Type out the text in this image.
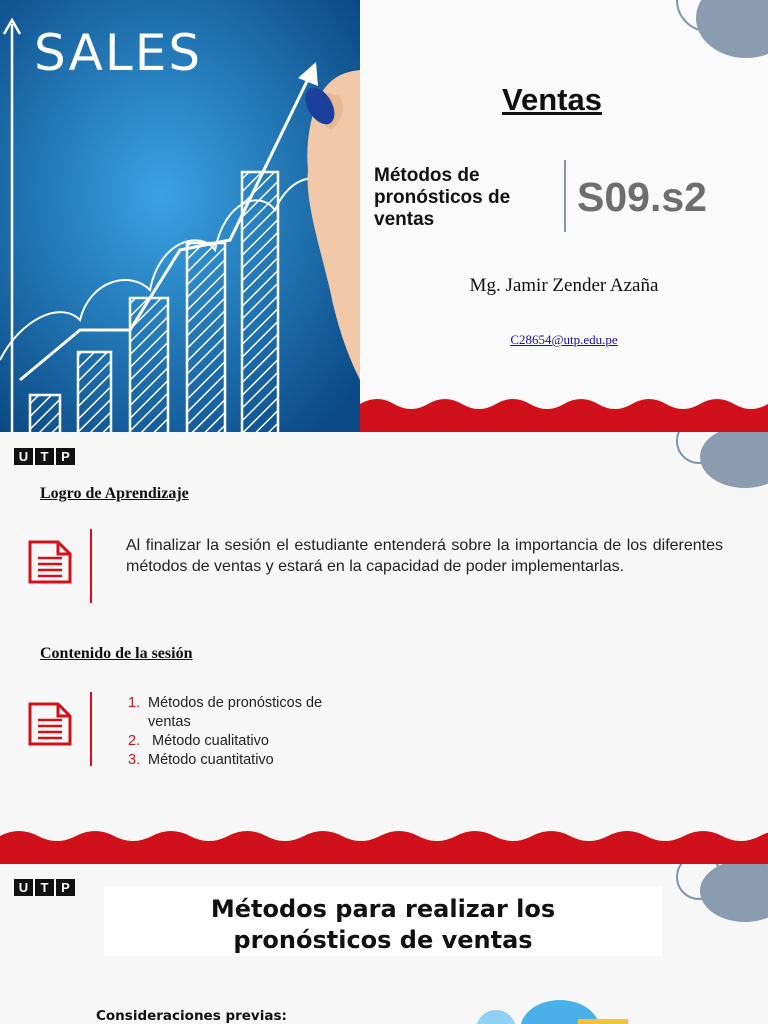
SALES
Ventas
Métodos de
pronósticos de
ventas	S09.s2
Mg. Jamir Zender Azaña
C28654@utp.edu.pe
U T P
Logro de Aprendizaje
Al finalizar la sesión el estudiante entenderá sobre la importancia de los diferentes métodos de ventas y estará en la capacidad de poder implementarlas.
Contenido de la sesión
1. Métodos de pronósticos de ventas
2. Método cualitativo
3. Método cuantitativo
U T P
Métodos para realizar los
pronósticos de ventas
Consideraciones previas:
